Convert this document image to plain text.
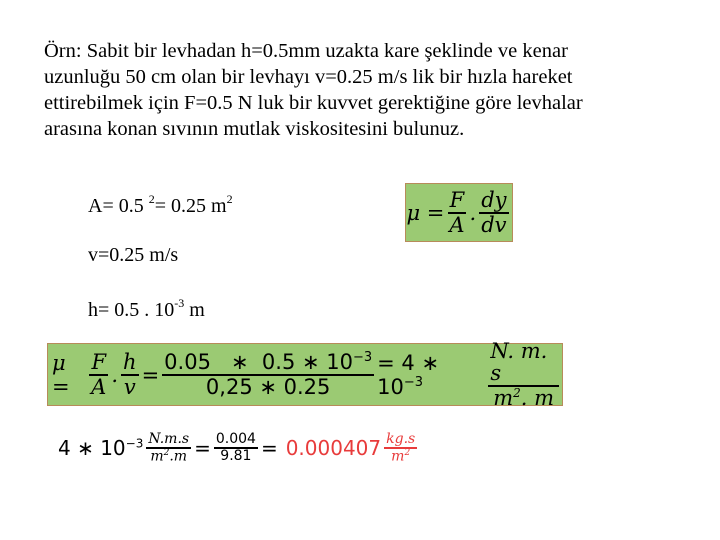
Örn: Sabit bir levhadan h=0.5mm uzakta kare şeklinde ve kenar
uzunluğu 50 cm olan bir levhayı v=0.25 m/s lik bir hızla hareket
ettirebilmek için F=0.5 N luk bir kuvvet gerektiğine göre levhalar
arasına konan sıvının mutlak viskositesini bulunuz.
A= 0.5 $^2$= 0.25 $m^2$
v=0.25 m/s
h= 0.5 . $10^{-3}$ m
$\mu = \frac{F}{A}$ . $\frac{dy}{dv}$
$\mu = \frac{F}{A}$ . $\frac{h}{v} = \frac{0.05 ∗ 0.5 ∗ 10^{-3}}{0,25 ∗ 0.25} = 4$ ∗ $10^{-3}$	$\frac{N. m. s}{m^2. m}$
4 ∗ $10^{-3} \frac{N.m.s}{m^2.m} = \frac{0.004}{9.81} = 0.000407 \frac{kg.s}{m^2}$
